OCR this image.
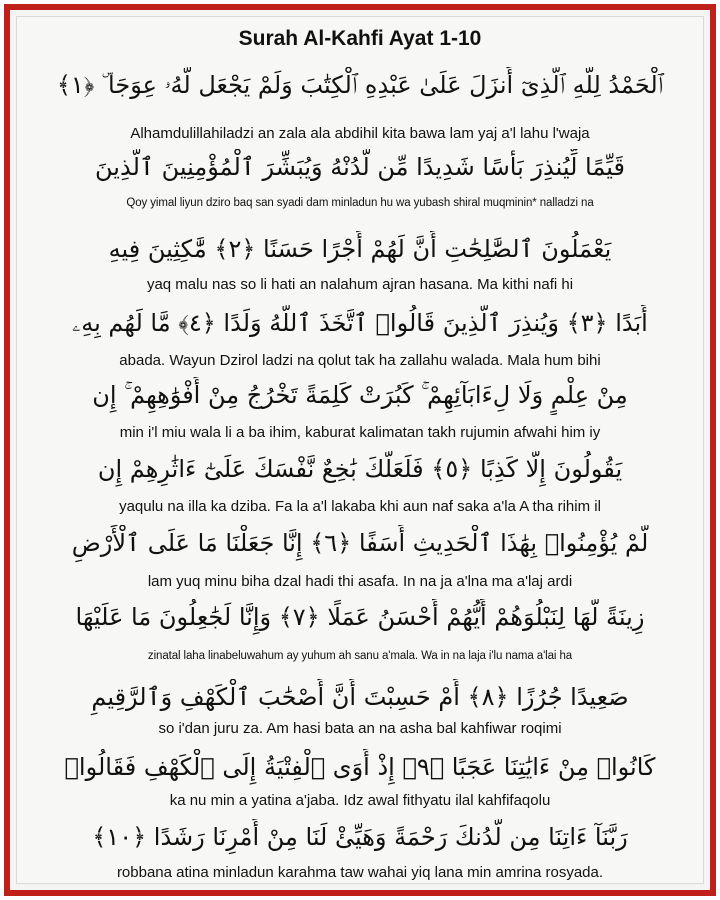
Surah Al-Kahfi Ayat 1-10
ٱلْحَمْدُ لِلَّهِ ٱلَّذِىٓ أَنزَلَ عَلَىٰ عَبْدِهِ ٱلْكِتَٰبَ وَلَمْ يَجْعَل لَّهُۥ عِوَجَا ۜ ﴿١﴾
Alhamdulillahiladzi an zala ala abdihil kita bawa lam yaj a'l lahu l'waja
قَيِّمًا لِّيُنذِرَ بَأْسًا شَدِيدًا مِّن لَّدُنْهُ وَيُبَشِّرَ ٱلْمُؤْمِنِينَ ٱلَّذِينَ
Qoy yimal liyun dziro baq san syadi dam minladun hu wa yubash shiral muqminin* nalladzi na
يَعْمَلُونَ ٱلصَّٰلِحَٰتِ أَنَّ لَهُمْ أَجْرًا حَسَنًا ﴿٢﴾ مَّٰكِثِينَ فِيهِ
yaq malu nas so li hati an nalahum ajran hasana. Ma kithi nafi hi
أَبَدًا ﴿٣﴾ وَيُنذِرَ ٱلَّذِينَ قَالُوا۟ ٱتَّخَذَ ٱللَّهُ وَلَدًا ﴿٤﴾ مَّا لَهُم بِهِۦ
abada. Wayun Dzirol ladzi na qolut tak ha zallahu walada. Mala hum bihi
مِنْ عِلْمٍ وَلَا لِءَابَآئِهِمْ ۚ كَبُرَتْ كَلِمَةً تَخْرُجُ مِنْ أَفْوَٰهِهِمْ ۚ إِن
min i'l miu wala li a ba ihim, kaburat kalimatan takh rujumin afwahi him iy
يَقُولُونَ إِلَّا كَذِبًا ﴿٥﴾ فَلَعَلَّكَ بَٰخِعٌ نَّفْسَكَ عَلَىٰٓ ءَاثَٰرِهِمْ إِن
yaqulu na illa ka dziba. Fa la a'l lakaba khi aun naf saka a'la A tha rihim il
لَّمْ يُؤْمِنُوا۟ بِهَٰذَا ٱلْحَدِيثِ أَسَفًا ﴿٦﴾ إِنَّا جَعَلْنَا مَا عَلَى ٱلْأَرْضِ
lam yuq minu biha dzal hadi thi asafa. In na ja a'lna ma a'laj ardi
زِينَةً لَّهَا لِنَبْلُوَهُمْ أَيُّهُمْ أَحْسَنُ عَمَلًا ﴿٧﴾ وَإِنَّا لَجَٰعِلُونَ مَا عَلَيْهَا
zinatal laha linabeluwahum ay yuhum ah sanu a'mala. Wa in na laja i'lu nama a'lai ha
صَعِيدًا جُرُزًا ﴿٨﴾ أَمْ حَسِبْتَ أَنَّ أَصْحَٰبَ ٱلْكَهْفِ وَٱلرَّقِيمِ
so i'dan juru za. Am hasi bata an na asha bal kahfiwar roqimi
كَانُوا۟ مِنْ ءَايَٰتِنَا عَجَبًا ﴿٩﴾ إِذْ أَوَى ٱلْفِتْيَةُ إِلَى ٱلْكَهْفِ فَقَالُوا۟
ka nu min a yatina a'jaba. Idz awal fithyatu ilal kahfifaqolu
رَبَّنَآ ءَاتِنَا مِن لَّدُنكَ رَحْمَةً وَهَيِّئْ لَنَا مِنْ أَمْرِنَا رَشَدًا ﴿١٠﴾
robbana atina minladun karahma taw wahai yiq lana min amrina rosyada.
